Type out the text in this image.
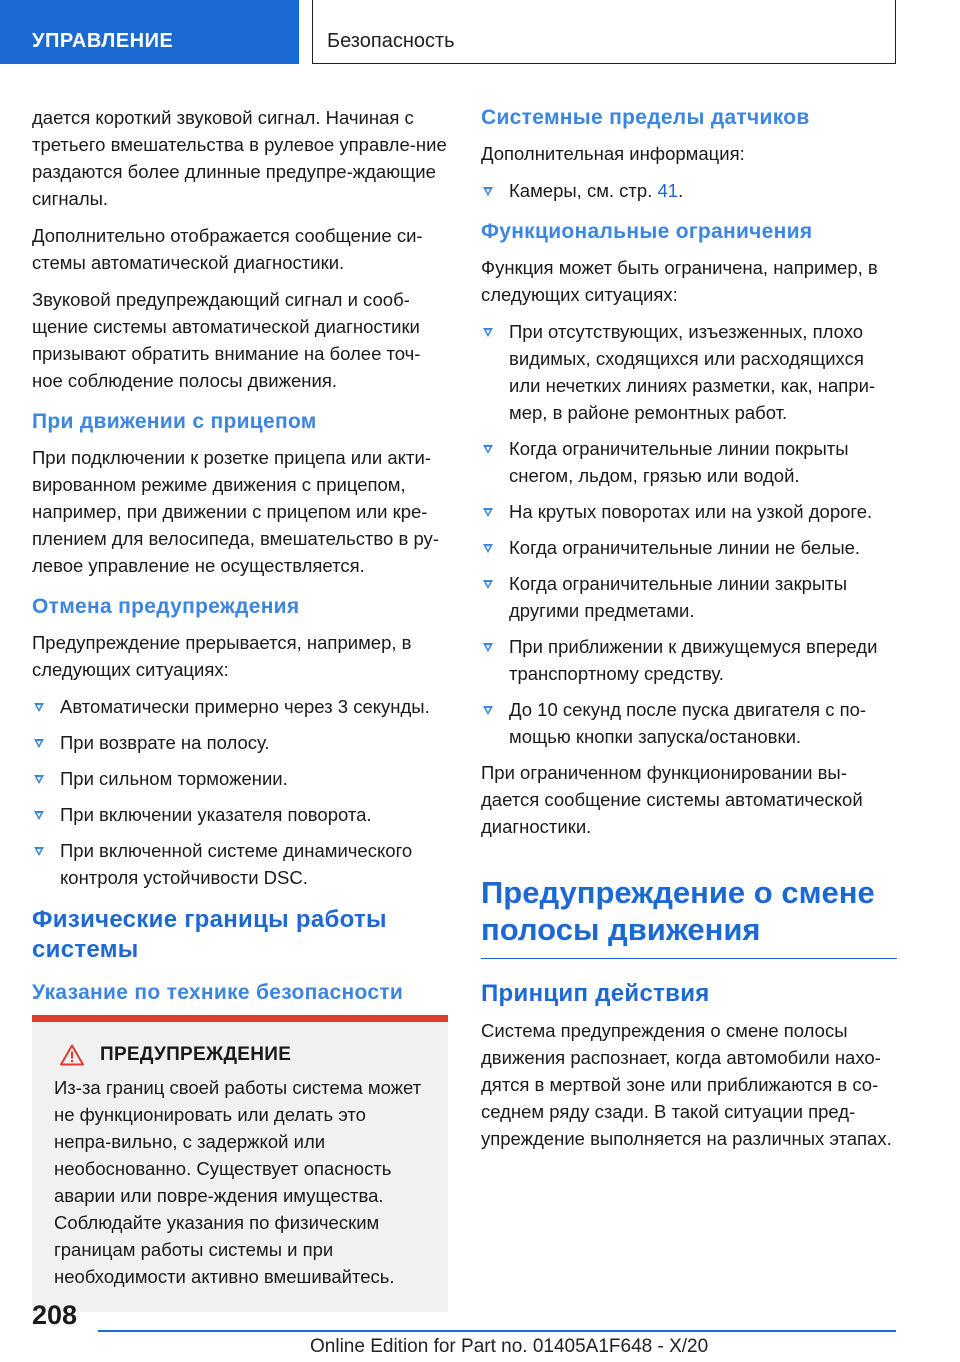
УПРАВЛЕНИЕ	Безопасность

дается короткий звуковой сигнал. Начиная с третьего вмешательства в рулевое управле-ние раздаются более длинные предупре-ждающие сигналы.

Дополнительно отображается сообщение си-стемы автоматической диагностики.

Звуковой предупреждающий сигнал и сооб-щение системы автоматической диагностики призывают обратить внимание на более точ-ное соблюдение полосы движения.

При движении с прицепом

При подключении к розетке прицепа или акти-вированном режиме движения с прицепом, например, при движении с прицепом или кре-плением для велосипеда, вмешательство в ру-левое управление не осуществляется.

Отмена предупреждения

Предупреждение прерывается, например, в следующих ситуациях:

Автоматически примерно через 3 секунды.
При возврате на полосу.
При сильном торможении.
При включении указателя поворота.
При включенной системе динамического контроля устойчивости DSC.
Физические границы работы системы
Указание по технике безопасности
ПРЕДУПРЕЖДЕНИЕ

Из-за границ своей работы система может не функционировать или делать это непра-вильно, с задержкой или необоснованно. Существует опасность аварии или повре-ждения имущества. Соблюдайте указания по физическим границам работы системы и при необходимости активно вмешивайтесь.

Системные пределы датчиков

Дополнительная информация:

Камеры, см. стр. 41.
Функциональные ограничения

Функция может быть ограничена, например, в следующих ситуациях:

При отсутствующих, изъезженных, плохо видимых, сходящихся или расходящихся или нечетких линиях разметки, как, напри-мер, в районе ремонтных работ.
Когда ограничительные линии покрыты снегом, льдом, грязью или водой.
На крутых поворотах или на узкой дороге.
Когда ограничительные линии не белые.
Когда ограничительные линии закрыты другими предметами.
При приближении к движущемуся впереди транспортному средству.
До 10 секунд после пуска двигателя с по-мощью кнопки запуска/остановки.

При ограниченном функционировании вы-дается сообщение системы автоматической диагностики.

Предупреждение о смене полосы движения
Принцип действия

Система предупреждения о смене полосы движения распознает, когда автомобили нахо-дятся в мертвой зоне или приближаются в со-седнем ряду сзади. В такой ситуации пред-упреждение выполняется на различных этапах.

208
Online Edition for Part no. 01405A1F648 - X/20
